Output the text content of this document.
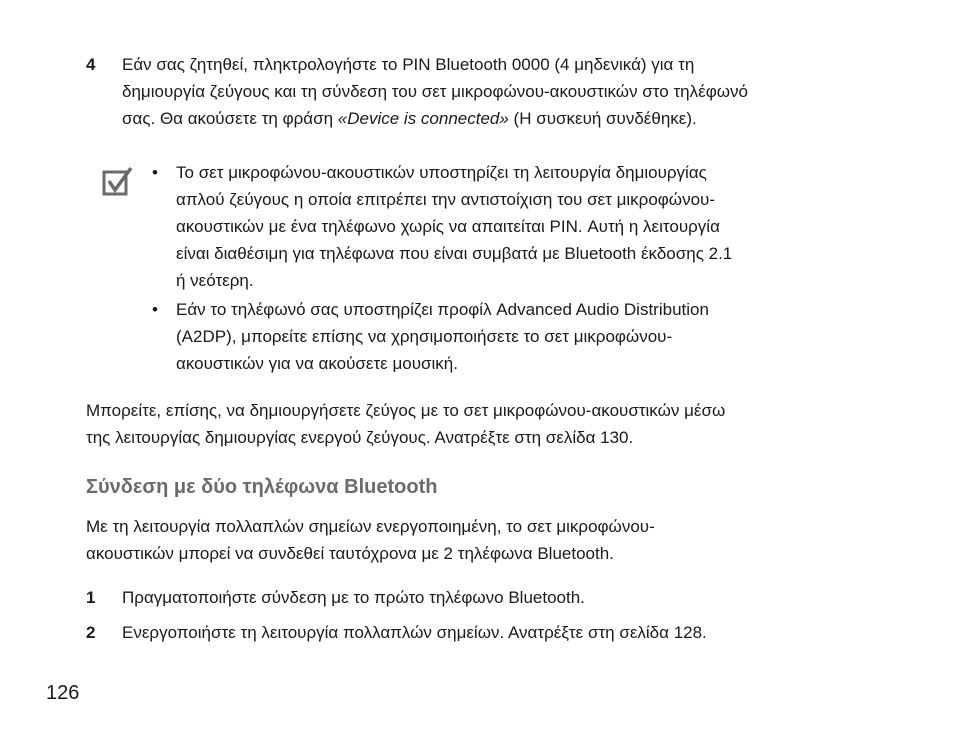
4 Εάν σας ζητηθεί, πληκτρολογήστε το PIN Bluetooth 0000 (4 μηδενικά) για τη
δημιουργία ζεύγους και τη σύνδεση του σετ μικροφώνου-ακουστικών στο τηλέφωνό
σας. Θα ακούσετε τη φράση «Device is connected» (Η συσκευή συνδέθηκε).
• Το σετ μικροφώνου-ακουστικών υποστηρίζει τη λειτουργία δημιουργίας
απλού ζεύγους η οποία επιτρέπει την αντιστοίχιση του σετ μικροφώνου-
ακουστικών με ένα τηλέφωνο χωρίς να απαιτείται PIN. Αυτή η λειτουργία
είναι διαθέσιμη για τηλέφωνα που είναι συμβατά με Bluetooth έκδοσης 2.1
ή νεότερη.
• Εάν το τηλέφωνό σας υποστηρίζει προφίλ Advanced Audio Distribution
(A2DP), μπορείτε επίσης να χρησιμοποιήσετε το σετ μικροφώνου-
ακουστικών για να ακούσετε μουσική.
Μπορείτε, επίσης, να δημιουργήσετε ζεύγος με το σετ μικροφώνου-ακουστικών μέσω
της λειτουργίας δημιουργίας ενεργού ζεύγους. Ανατρέξτε στη σελίδα 130.
Σύνδεση με δύο τηλέφωνα Bluetooth
Με τη λειτουργία πολλαπλών σημείων ενεργοποιημένη, το σετ μικροφώνου-
ακουστικών μπορεί να συνδεθεί ταυτόχρονα με 2 τηλέφωνα Bluetooth.
1 Πραγματοποιήστε σύνδεση με το πρώτο τηλέφωνο Bluetooth.
2 Ενεργοποιήστε τη λειτουργία πολλαπλών σημείων. Ανατρέξτε στη σελίδα 128.
126
